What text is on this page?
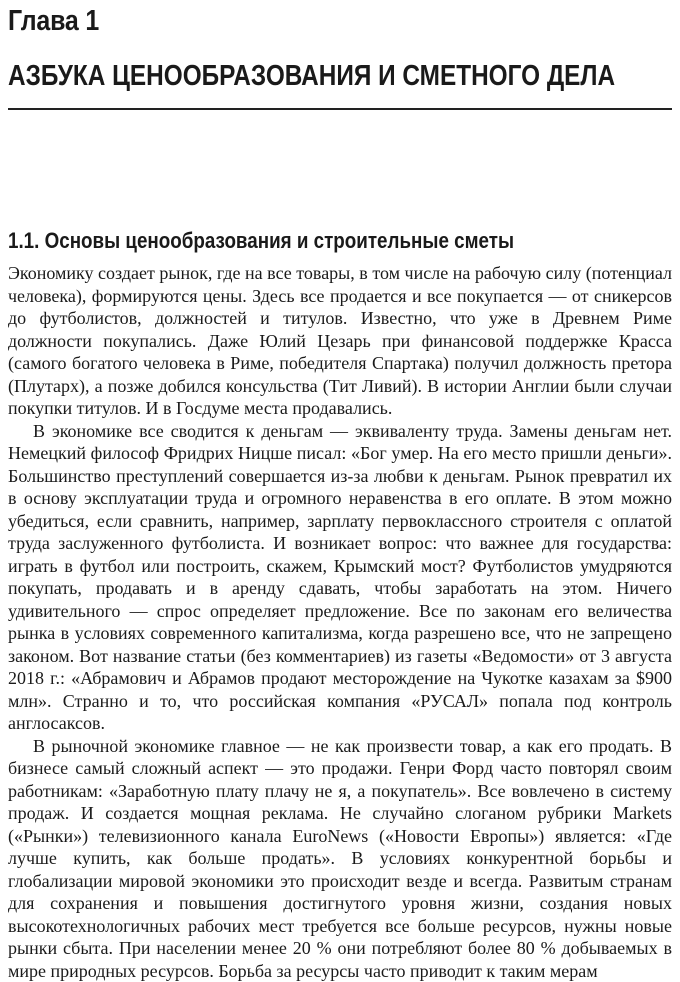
Глава 1
АЗБУКА ЦЕНООБРАЗОВАНИЯ И СМЕТНОГО ДЕЛА
1.1. Основы ценообразования и строительные сметы

Экономику создает рынок, где на все товары, в том числе на рабочую силу (потенциал человека), формируются цены. Здесь все продается и все покупается — от сникерсов до футболистов, должностей и титулов. Известно, что уже в Древнем Риме должности покупались. Даже Юлий Цезарь при финансовой поддержке Красса (самого богатого человека в Риме, победителя Спартака) получил должность претора (Плутарх), а позже добился консульства (Тит Ливий). В истории Англии были случаи покупки титулов. И в Госдуме места продавались.

В экономике все сводится к деньгам — эквиваленту труда. Замены деньгам нет. Немецкий философ Фридрих Ницше писал: «Бог умер. На его место пришли деньги». Большинство преступлений совершается из-за любви к деньгам. Рынок превратил их в основу эксплуатации труда и огромного неравенства в его оплате. В этом можно убедиться, если сравнить, например, зарплату первоклассного строителя с оплатой труда заслуженного футболиста. И возникает вопрос: что важнее для государства: играть в футбол или построить, скажем, Крымский мост? Футболистов умудряются покупать, продавать и в аренду сдавать, чтобы заработать на этом. Ничего удивительного — спрос определяет предложение. Все по законам его величества рынка в условиях современного капитализма, когда разрешено все, что не запрещено законом. Вот название статьи (без комментариев) из газеты «Ведомости» от 3 августа 2018 г.: «Абрамович и Абрамов продают месторождение на Чукотке казахам за $900 млн». Странно и то, что российская компания «РУСАЛ» попала под контроль англосаксов.

В рыночной экономике главное — не как произвести товар, а как его продать. В бизнесе самый сложный аспект — это продажи. Генри Форд часто повторял своим работникам: «Заработную плату плачу не я, а покупатель». Все вовлечено в систему продаж. И создается мощная реклама. Не случайно слоганом рубрики Markets («Рынки») телевизионного канала EuroNews («Новости Европы») является: «Где лучше купить, как больше продать». В условиях конкурентной борьбы и глобализации мировой экономики это происходит везде и всегда. Развитым странам для сохранения и повышения достигнутого уровня жизни, создания новых высокотехнологичных рабочих мест требуется все больше ресурсов, нужны новые рынки сбыта. При населении менее 20 % они потребляют более 80 % добываемых в мире природных ресурсов. Борьба за ресурсы часто приводит к таким мерам
